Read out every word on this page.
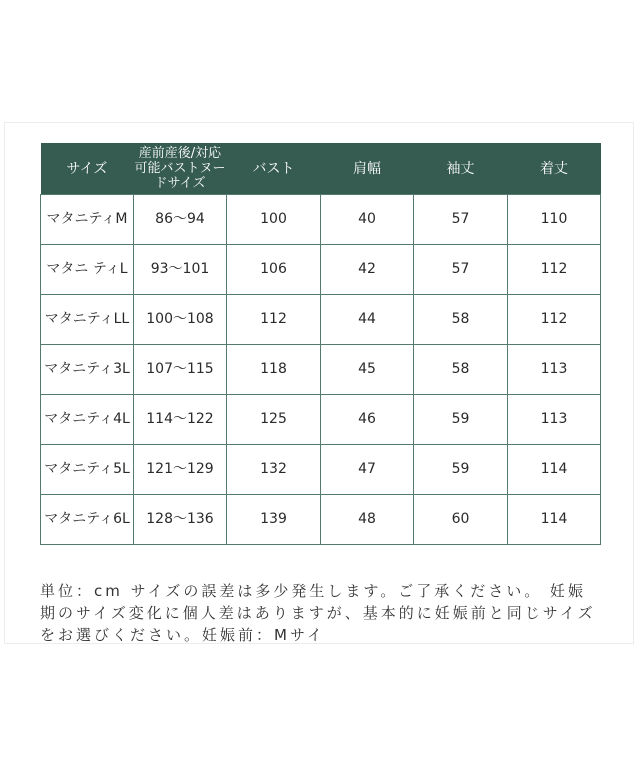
サイズ	産前産後/対応可能バストヌードサイズ	バスト	肩幅	袖丈	着丈
マタニティM	86～94	100	40	57	110
マタニ ティL	93～101	106	42	57	112
マタニティLL	100～108	112	44	58	112
マタニティ3L	107～115	118	45	58	113
マタニティ4L	114～122	125	46	59	113
マタニティ5L	121～129	132	47	59	114
マタニティ6L	128～136	139	48	60	114
単位：cm サイズの誤差は多少発生します。ご了承ください。 妊娠期のサイズ変化に個人差はありますが、基本的に妊娠前と同じサイズをお選びください。妊娠前：Mサイ
